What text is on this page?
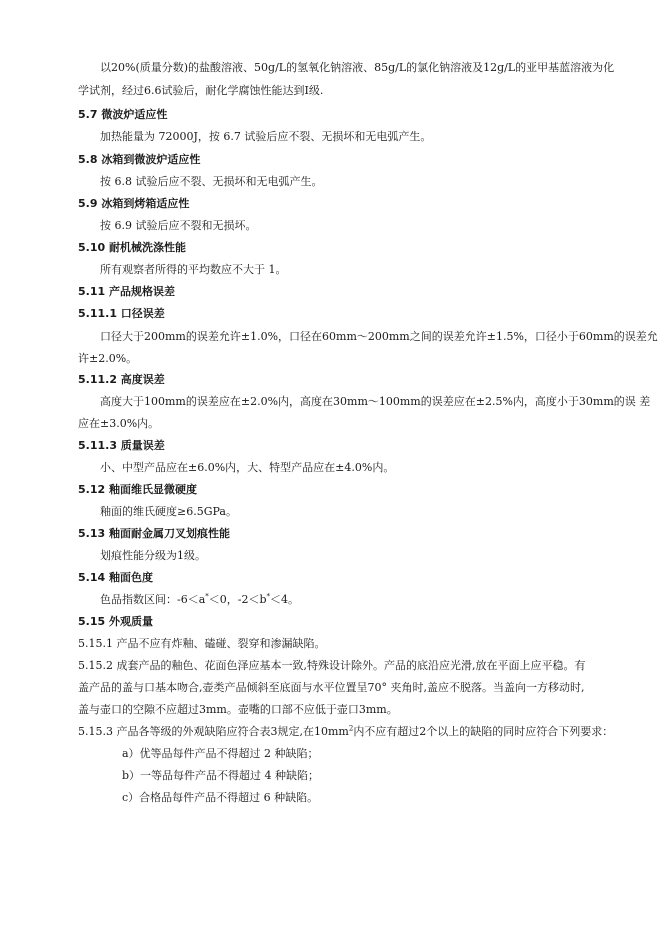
以20%(质量分数)的盐酸溶液、50g/L的氢氧化钠溶液、85g/L的氯化钠溶液及12g/L的亚甲基蓝溶液为化
学试剂，经过6.6试验后，耐化学腐蚀性能达到I级.
5.7 微波炉适应性
加热能量为 72000J，按 6.7 试验后应不裂、无损坏和无电弧产生。
5.8 冰箱到微波炉适应性
按 6.8 试验后应不裂、无损坏和无电弧产生。
5.9 冰箱到烤箱适应性
按 6.9 试验后应不裂和无损坏。
5.10 耐机械洗涤性能
所有观察者所得的平均数应不大于 1。
5.11 产品规格误差
5.11.1 口径误差
口径大于200mm的误差允许±1.0%，口径在60mm～200mm之间的误差允许±1.5%，口径小于60mm的误差允
许±2.0%。
5.11.2 高度误差
高度大于100mm的误差应在±2.0%内，高度在30mm～100mm的误差应在±2.5%内，高度小于30mm的误 差
应在±3.0%内。
5.11.3 质量误差
小、中型产品应在±6.0%内，大、特型产品应在±4.0%内。
5.12 釉面维氏显微硬度
釉面的维氏硬度≥6.5GPa。
5.13 釉面耐金属刀叉划痕性能
划痕性能分级为1级。
5.14 釉面色度
色品指数区间：-6＜a*＜0，-2＜b*＜4。
5.15 外观质量
5.15.1 产品不应有炸釉、磕碰、裂穿和渗漏缺陷。
5.15.2 成套产品的釉色、花面色泽应基本一致,特殊设计除外。产品的底沿应光滑,放在平面上应平稳。有
盖产品的盖与口基本吻合,壶类产品倾斜至底面与水平位置呈70° 夹角时,盖应不脱落。当盖向一方移动时,
盖与壶口的空隙不应超过3mm。壶嘴的口部不应低于壶口3mm。
5.15.3 产品各等级的外观缺陷应符合表3规定,在$10mm^2$内不应有超过2个以上的缺陷的同时应符合下列要求：
a）优等品每件产品不得超过 2 种缺陷；
b）一等品每件产品不得超过 4 种缺陷；
c）合格品每件产品不得超过 6 种缺陷。
